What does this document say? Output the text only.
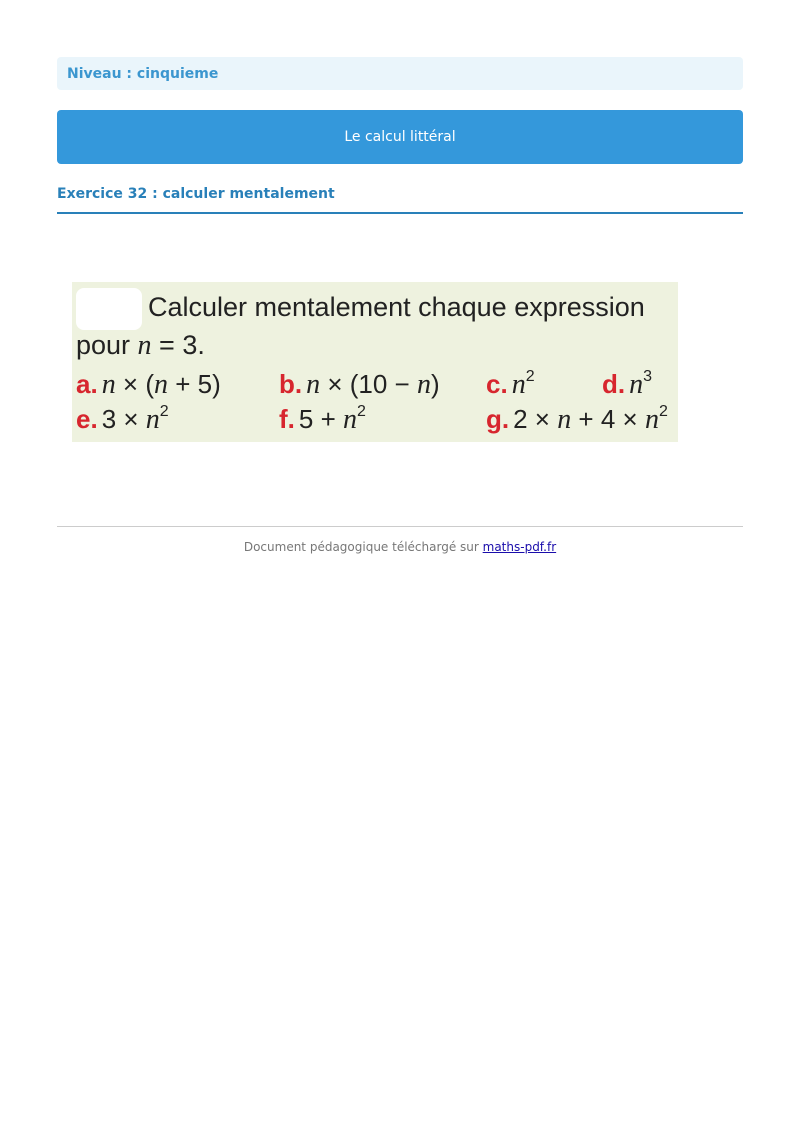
Niveau : cinquieme
Le calcul littéral
Exercice 32 : calculer mentalement
Calculer mentalement chaque expression
pour n = 3.
a. n × (n + 5) b. n × (10 − n) c. $n^2$	d. $n^3$
e. $3 \times n^2$	f. $5 + n^2$	g. $2 \times n + 4 \times n^2$
Document pédagogique téléchargé sur maths-pdf.fr
